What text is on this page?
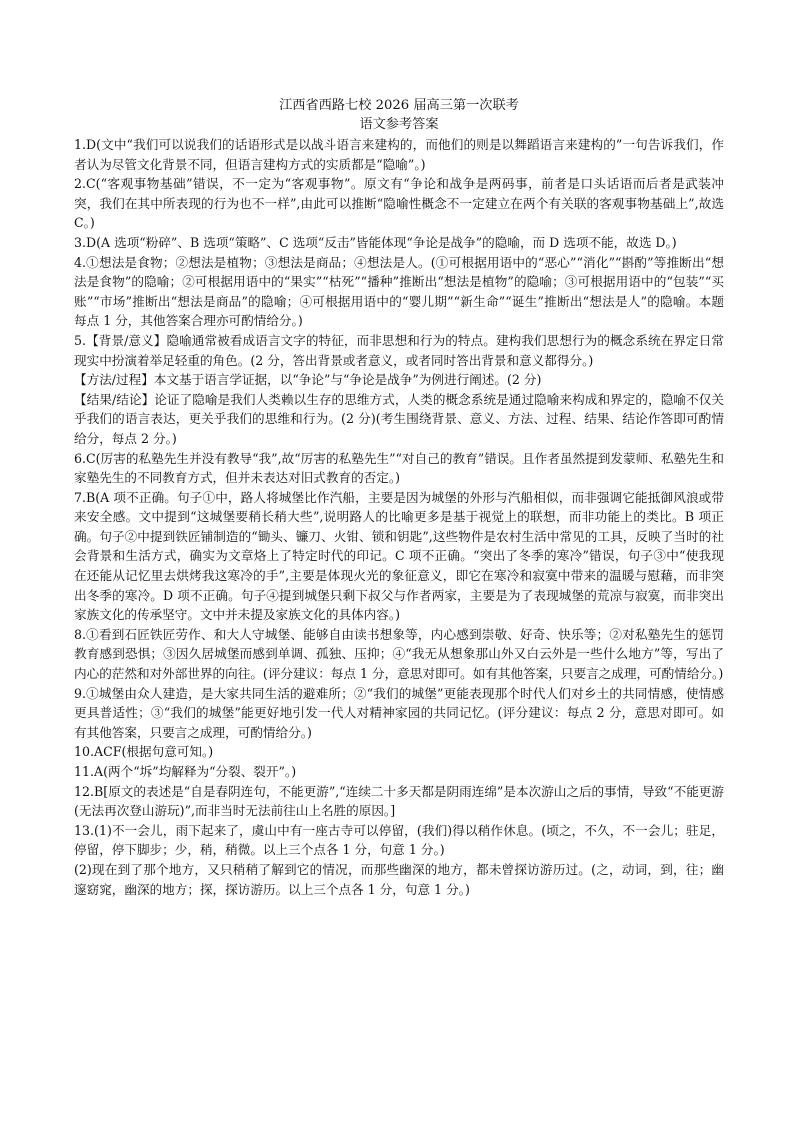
江西省西路七校 2026 届高三第一次联考
语文参考答案

1.D(文中“我们可以说我们的话语形式是以战斗语言来建构的，而他们的则是以舞蹈语言来建构的”一句告诉我们，作者认为尽管文化背景不同，但语言建构方式的实质都是“隐喻”。)

2.C(“客观事物基础”错误，不一定为“客观事物”。原文有“争论和战争是两码事，前者是口头话语而后者是武装冲突，我们在其中所表现的行为也不一样”,由此可以推断“隐喻性概念不一定建立在两个有关联的客观事物基础上”,故选 C。)

3.D(A 选项“粉碎”、B 选项“策略”、C 选项“反击”皆能体现“争论是战争”的隐喻，而 D 选项不能，故选 D。)

4.①想法是食物；②想法是植物；③想法是商品；④想法是人。(①可根据用语中的“恶心”“消化”“斟酌”等推断出“想法是食物”的隐喻；②可根据用语中的“果实”“枯死”“播种”推断出“想法是植物”的隐喻；③可根据用语中的“包装”“买账”“市场”推断出“想法是商品”的隐喻；④可根据用语中的“婴儿期”“新生命”“诞生”推断出“想法是人”的隐喻。本题每点 1 分，其他答案合理亦可酌情给分。)

5.【背景/意义】隐喻通常被看成语言文字的特征，而非思想和行为的特点。建构我们思想行为的概念系统在界定日常现实中扮演着举足轻重的角色。(2 分，答出背景或者意义，或者同时答出背景和意义都得分。)

【方法/过程】本文基于语言学证据，以“争论”与“争论是战争”为例进行阐述。(2 分)

【结果/结论】论证了隐喻是我们人类赖以生存的思维方式，人类的概念系统是通过隐喻来构成和界定的，隐喻不仅关乎我们的语言表达，更关乎我们的思维和行为。(2 分)(考生围绕背景、意义、方法、过程、结果、结论作答即可酌情给分，每点 2 分。)

6.C(厉害的私塾先生并没有教导“我”,故“厉害的私塾先生”“对自己的教育”错误。且作者虽然提到发蒙师、私塾先生和家塾先生的不同教育方式，但并未表达对旧式教育的否定。)

7.B(A 项不正确。句子①中，路人将城堡比作汽船，主要是因为城堡的外形与汽船相似，而非强调它能抵御风浪或带来安全感。文中提到“这城堡要稍长稍大些”,说明路人的比喻更多是基于视觉上的联想，而非功能上的类比。B 项正确。句子②中提到铁匠铺制造的“锄头、镰刀、火钳、锁和钥匙”,这些物件是农村生活中常见的工具，反映了当时的社会背景和生活方式，确实为文章烙上了特定时代的印记。C 项不正确。“突出了冬季的寒冷”错误，句子③中“使我现在还能从记忆里去烘烤我这寒冷的手”,主要是体现火光的象征意义，即它在寒冷和寂寞中带来的温暖与慰藉，而非突出冬季的寒冷。D 项不正确。句子④提到城堡只剩下叔父与作者两家，主要是为了表现城堡的荒凉与寂寞，而非突出家族文化的传承坚守。文中并未提及家族文化的具体内容。)

8.①看到石匠铁匠劳作、和大人守城堡、能够自由读书想象等，内心感到崇敬、好奇、快乐等；②对私塾先生的惩罚教育感到恐惧；③因久居城堡而感到单调、孤独、压抑；④“我无从想象那山外又白云外是一些什么地方”等，写出了内心的茫然和对外部世界的向往。(评分建议：每点 1 分，意思对即可。如有其他答案，只要言之成理，可酌情给分。)

9.①城堡由众人建造，是大家共同生活的避难所；②“我们的城堡”更能表现那个时代人们对乡土的共同情感，使情感更具普适性；③“我们的城堡”能更好地引发一代人对精神家园的共同记忆。(评分建议：每点 2 分，意思对即可。如有其他答案，只要言之成理，可酌情给分。)

10.ACF(根据句意可知。)

11.A(两个“坼”均解释为“分裂、裂开”。)

12.B[原文的表述是“自是春阴连句，不能更游”,“连续二十多天都是阴雨连绵”是本次游山之后的事情，导致“不能更游(无法再次登山游玩)”,而非当时无法前往山上名胜的原因。]

13.(1)不一会儿，雨下起来了，虞山中有一座古寺可以停留，(我们)得以稍作休息。(顷之，不久，不一会儿；驻足，停留，停下脚步；少，稍，稍微。以上三个点各 1 分，句意 1 分。)

(2)现在到了那个地方，又只稍稍了解到它的情况，而那些幽深的地方，都未曾探访游历过。(之，动词，到，往；幽邃窈窕，幽深的地方；探，探访游历。以上三个点各 1 分，句意 1 分。)
